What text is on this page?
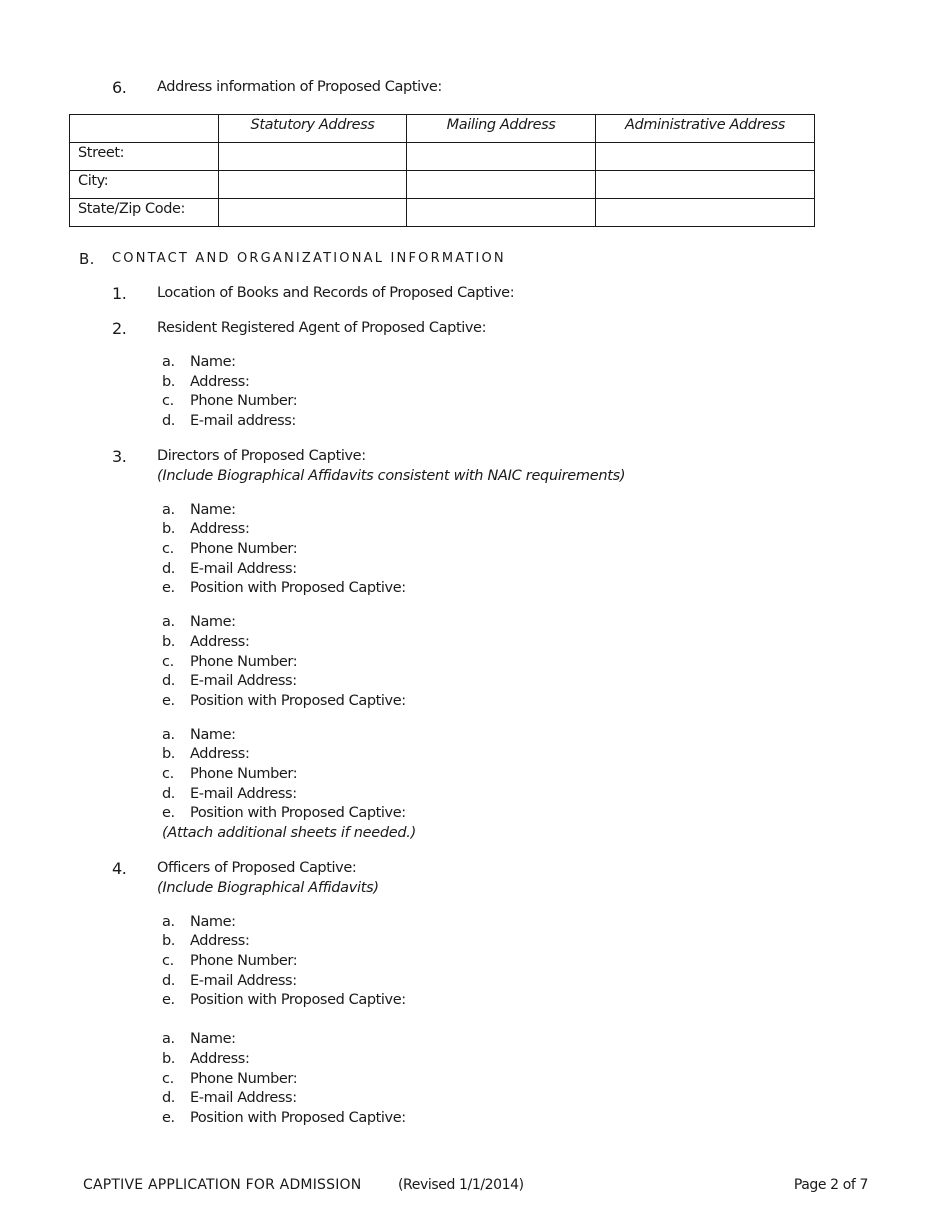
6. Address information of Proposed Captive:
	Statutory Address	Mailing Address	Administrative Address
Street:			
City:			
State/Zip Code:			
B. CONTACT AND ORGANIZATIONAL INFORMATION
1. Location of Books and Records of Proposed Captive:
2. Resident Registered Agent of Proposed Captive:
a. Name:
b. Address:
c. Phone Number:
d. E-mail address:
3. Directors of Proposed Captive:
(Include Biographical Affidavits consistent with NAIC requirements)
a. Name:
b. Address:
c. Phone Number:
d. E-mail Address:
e. Position with Proposed Captive:
a. Name:
b. Address:
c. Phone Number:
d. E-mail Address:
e. Position with Proposed Captive:
a. Name:
b. Address:
c. Phone Number:
d. E-mail Address:
e. Position with Proposed Captive:
(Attach additional sheets if needed.)
4. Officers of Proposed Captive:
(Include Biographical Affidavits)
a. Name:
b. Address:
c. Phone Number:
d. E-mail Address:
e. Position with Proposed Captive:
a. Name:
b. Address:
c. Phone Number:
d. E-mail Address:
e. Position with Proposed Captive:
CAPTIVE APPLICATION FOR ADMISSION	(Revised 1/1/2014)	Page 2 of 7
